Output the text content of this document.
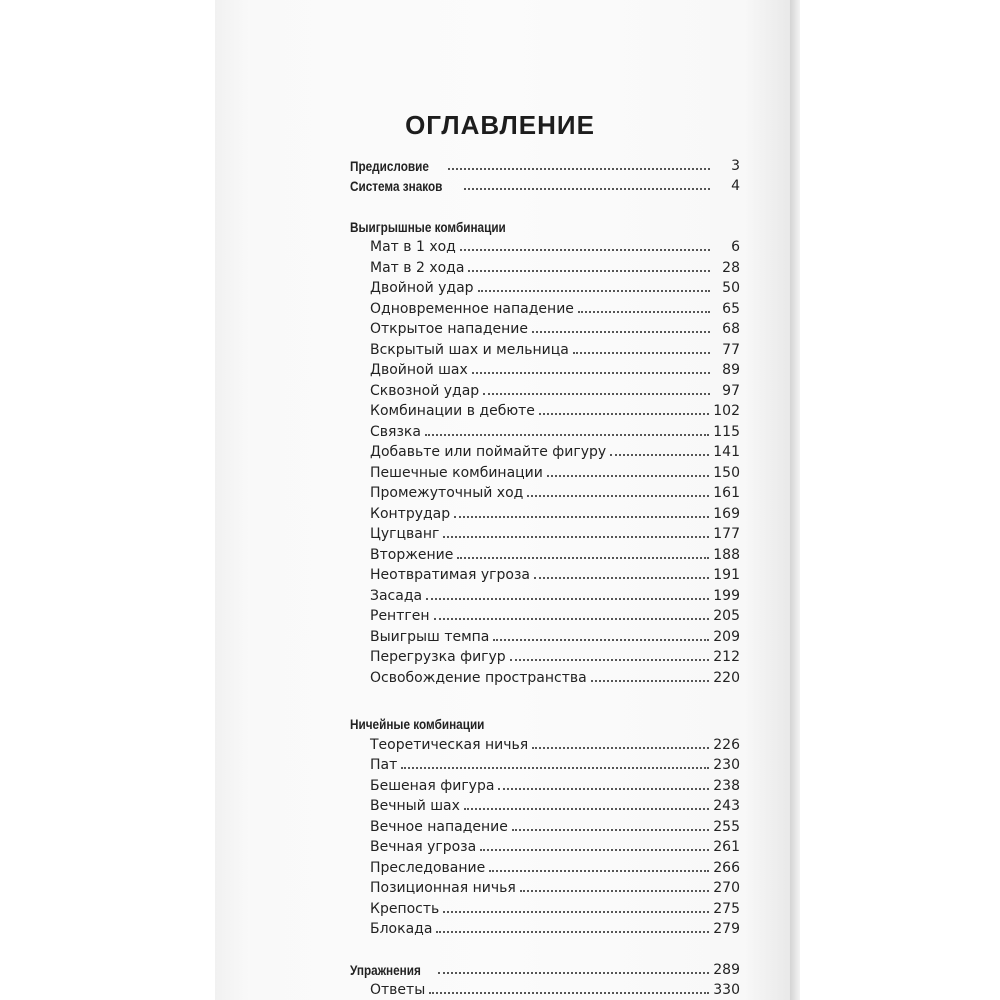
ОГЛАВЛЕНИЕ
Предисловие	3
Система знаков	4
Выигрышные комбинации
Мат в 1 ход	6
Мат в 2 хода	28
Двойной удар	50
Одновременное нападение	65
Открытое нападение	68
Вскрытый шах и мельница	77
Двойной шах	89
Сквозной удар	97
Комбинации в дебюте	102
Связка	115
Добавьте или поймайте фигуру	141
Пешечные комбинации	150
Промежуточный ход	161
Контрудар	169
Цугцванг	177
Вторжение	188
Неотвратимая угроза	191
Засада	199
Рентген	205
Выигрыш темпа	209
Перегрузка фигур	212
Освобождение пространства	220
Ничейные комбинации
Теоретическая ничья	226
Пат	230
Бешеная фигура	238
Вечный шах	243
Вечное нападение	255
Вечная угроза	261
Преследование	266
Позиционная ничья	270
Крепость	275
Блокада	279
Упражнения	289
Ответы	330
